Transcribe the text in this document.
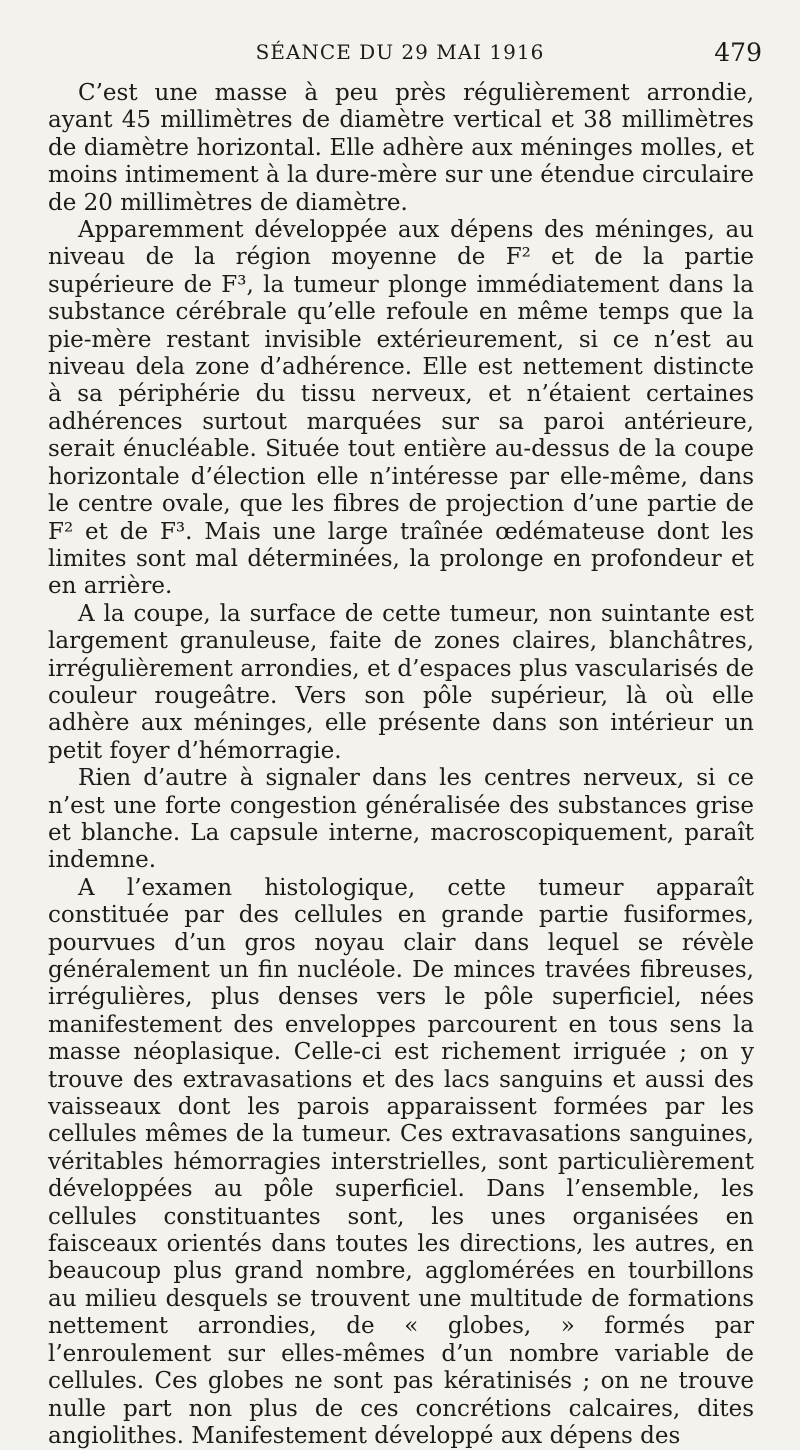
SÉANCE DU 29 MAI 1916	479

C’est une masse à peu près régulièrement arrondie, ayant 45 millimètres de diamètre vertical et 38 millimètres de diamètre horizontal. Elle adhère aux méninges molles, et moins intimement à la dure-mère sur une étendue circulaire de 20 millimètres de diamètre.

Apparemment développée aux dépens des méninges, au niveau de la région moyenne de F² et de la partie supérieure de F³, la tumeur plonge immédiatement dans la substance cérébrale qu’elle refoule en même temps que la pie-mère restant invisible extérieurement, si ce n’est au niveau dela zone d’adhérence. Elle est nettement distincte à sa périphérie du tissu nerveux, et n’étaient certaines adhérences surtout marquées sur sa paroi antérieure, serait énucléable. Située tout entière au-dessus de la coupe horizontale d’élection elle n’intéresse par elle-même, dans le centre ovale, que les fibres de projection d’une partie de F² et de F³. Mais une large traînée œdémateuse dont les limites sont mal déterminées, la prolonge en profondeur et en arrière.

A la coupe, la surface de cette tumeur, non suintante est largement granuleuse, faite de zones claires, blanchâtres, irrégulièrement arrondies, et d’espaces plus vascularisés de couleur rougeâtre. Vers son pôle supérieur, là où elle adhère aux méninges, elle présente dans son intérieur un petit foyer d’hémorragie.

Rien d’autre à signaler dans les centres nerveux, si ce n’est une forte congestion généralisée des substances grise et blanche. La capsule interne, macroscopiquement, paraît indemne.

A l’examen histologique, cette tumeur apparaît constituée par des cellules en grande partie fusiformes, pourvues d’un gros noyau clair dans lequel se révèle généralement un fin nucléole. De minces travées fibreuses, irrégulières, plus denses vers le pôle superficiel, nées manifestement des enveloppes parcourent en tous sens la masse néoplasique. Celle-ci est richement irriguée ; on y trouve des extravasations et des lacs sanguins et aussi des vaisseaux dont les parois apparaissent formées par les cellules mêmes de la tumeur. Ces extravasations sanguines, véritables hémorragies interstrielles, sont particulièrement développées au pôle superficiel. Dans l’ensemble, les cellules constituantes sont, les unes organisées en faisceaux orientés dans toutes les directions, les autres, en beaucoup plus grand nombre, agglomérées en tourbillons au milieu desquels se trouvent une multitude de formations nettement arrondies, de « globes, » formés par l’enroulement sur elles-mêmes d’un nombre variable de cellules. Ces globes ne sont pas kératinisés ; on ne trouve nulle part non plus de ces concrétions calcaires, dites angiolithes. Manifestement développé aux dépens des
